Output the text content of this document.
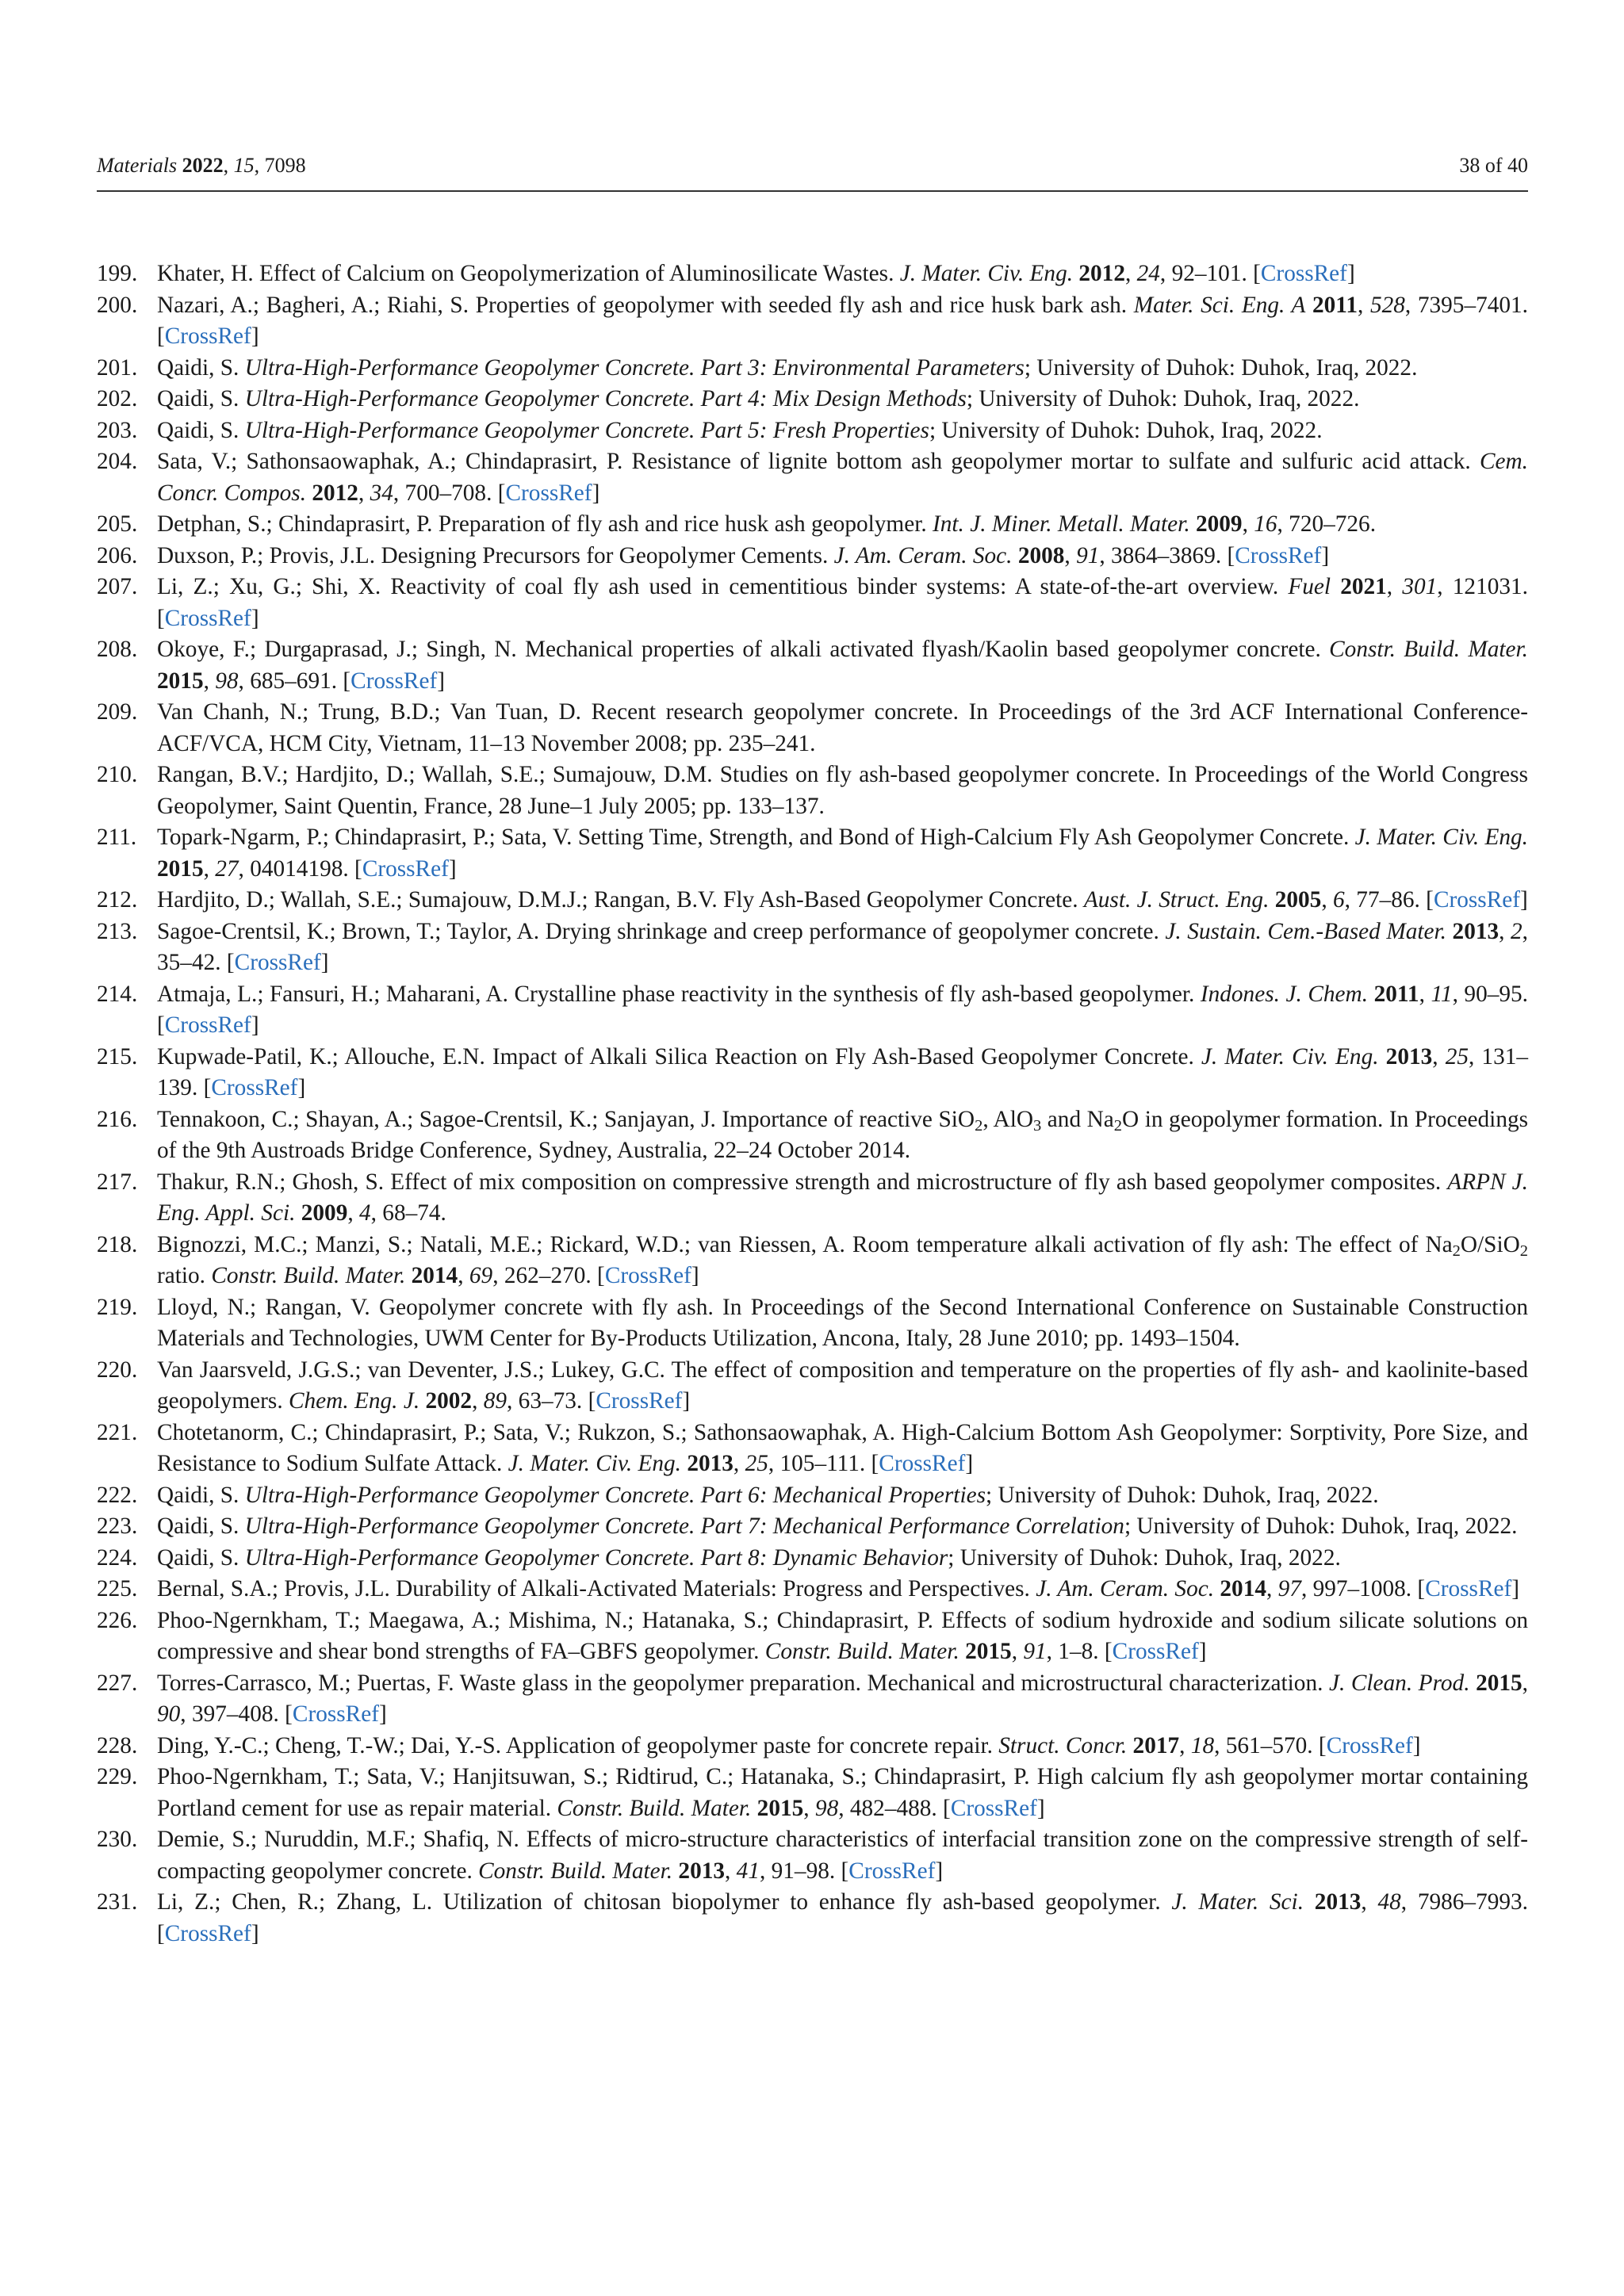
Materials 2022, 15, 7098	38 of 40
199. Khater, H. Effect of Calcium on Geopolymerization of Aluminosilicate Wastes. J. Mater. Civ. Eng. 2012, 24, 92–101. [CrossRef]
200. Nazari, A.; Bagheri, A.; Riahi, S. Properties of geopolymer with seeded fly ash and rice husk bark ash. Mater. Sci. Eng. A 2011, 528, 7395–7401. [CrossRef]
201. Qaidi, S. Ultra-High-Performance Geopolymer Concrete. Part 3: Environmental Parameters; University of Duhok: Duhok, Iraq, 2022.
202. Qaidi, S. Ultra-High-Performance Geopolymer Concrete. Part 4: Mix Design Methods; University of Duhok: Duhok, Iraq, 2022.
203. Qaidi, S. Ultra-High-Performance Geopolymer Concrete. Part 5: Fresh Properties; University of Duhok: Duhok, Iraq, 2022.
204. Sata, V.; Sathonsaowaphak, A.; Chindaprasirt, P. Resistance of lignite bottom ash geopolymer mortar to sulfate and sulfuric acid attack. Cem. Concr. Compos. 2012, 34, 700–708. [CrossRef]
205. Detphan, S.; Chindaprasirt, P. Preparation of fly ash and rice husk ash geopolymer. Int. J. Miner. Metall. Mater. 2009, 16, 720–726.
206. Duxson, P.; Provis, J.L. Designing Precursors for Geopolymer Cements. J. Am. Ceram. Soc. 2008, 91, 3864–3869. [CrossRef]
207. Li, Z.; Xu, G.; Shi, X. Reactivity of coal fly ash used in cementitious binder systems: A state-of-the-art overview. Fuel 2021, 301, 121031. [CrossRef]
208. Okoye, F.; Durgaprasad, J.; Singh, N. Mechanical properties of alkali activated flyash/Kaolin based geopolymer concrete. Constr. Build. Mater. 2015, 98, 685–691. [CrossRef]
209. Van Chanh, N.; Trung, B.D.; Van Tuan, D. Recent research geopolymer concrete. In Proceedings of the 3rd ACF International Conference-ACF/VCA, HCM City, Vietnam, 11–13 November 2008; pp. 235–241.
210. Rangan, B.V.; Hardjito, D.; Wallah, S.E.; Sumajouw, D.M. Studies on fly ash-based geopolymer concrete. In Proceedings of the World Congress Geopolymer, Saint Quentin, France, 28 June–1 July 2005; pp. 133–137.
211. Topark-Ngarm, P.; Chindaprasirt, P.; Sata, V. Setting Time, Strength, and Bond of High-Calcium Fly Ash Geopolymer Concrete. J. Mater. Civ. Eng. 2015, 27, 04014198. [CrossRef]
212. Hardjito, D.; Wallah, S.E.; Sumajouw, D.M.J.; Rangan, B.V. Fly Ash-Based Geopolymer Concrete. Aust. J. Struct. Eng. 2005, 6, 77–86. [CrossRef]
213. Sagoe-Crentsil, K.; Brown, T.; Taylor, A. Drying shrinkage and creep performance of geopolymer concrete. J. Sustain. Cem.-Based Mater. 2013, 2, 35–42. [CrossRef]
214. Atmaja, L.; Fansuri, H.; Maharani, A. Crystalline phase reactivity in the synthesis of fly ash-based geopolymer. Indones. J. Chem. 2011, 11, 90–95. [CrossRef]
215. Kupwade-Patil, K.; Allouche, E.N. Impact of Alkali Silica Reaction on Fly Ash-Based Geopolymer Concrete. J. Mater. Civ. Eng. 2013, 25, 131–139. [CrossRef]
216. Tennakoon, C.; Shayan, A.; Sagoe-Crentsil, K.; Sanjayan, J. Importance of reactive SiO$_2$, AlO$_3$ and $Na_2O$ in geopolymer formation. In Proceedings of the 9th Austroads Bridge Conference, Sydney, Australia, 22–24 October 2014.
217. Thakur, R.N.; Ghosh, S. Effect of mix composition on compressive strength and microstructure of fly ash based geopolymer composites. ARPN J. Eng. Appl. Sci. 2009, 4, 68–74.
218. Bignozzi, M.C.; Manzi, S.; Natali, M.E.; Rickard, W.D.; van Riessen, A. Room temperature alkali activation of fly ash: The effect of $Na_2O/SiO_2$ ratio. Constr. Build. Mater. 2014, 69, 262–270. [CrossRef]
219. Lloyd, N.; Rangan, V. Geopolymer concrete with fly ash. In Proceedings of the Second International Conference on Sustainable Construction Materials and Technologies, UWM Center for By-Products Utilization, Ancona, Italy, 28 June 2010; pp. 1493–1504.
220. Van Jaarsveld, J.G.S.; van Deventer, J.S.; Lukey, G.C. The effect of composition and temperature on the properties of fly ash- and kaolinite-based geopolymers. Chem. Eng. J. 2002, 89, 63–73. [CrossRef]
221. Chotetanorm, C.; Chindaprasirt, P.; Sata, V.; Rukzon, S.; Sathonsaowaphak, A. High-Calcium Bottom Ash Geopolymer: Sorptivity, Pore Size, and Resistance to Sodium Sulfate Attack. J. Mater. Civ. Eng. 2013, 25, 105–111. [CrossRef]
222. Qaidi, S. Ultra-High-Performance Geopolymer Concrete. Part 6: Mechanical Properties; University of Duhok: Duhok, Iraq, 2022.
223. Qaidi, S. Ultra-High-Performance Geopolymer Concrete. Part 7: Mechanical Performance Correlation; University of Duhok: Duhok, Iraq, 2022.
224. Qaidi, S. Ultra-High-Performance Geopolymer Concrete. Part 8: Dynamic Behavior; University of Duhok: Duhok, Iraq, 2022.
225. Bernal, S.A.; Provis, J.L. Durability of Alkali-Activated Materials: Progress and Perspectives. J. Am. Ceram. Soc. 2014, 97, 997–1008. [CrossRef]
226. Phoo-Ngernkham, T.; Maegawa, A.; Mishima, N.; Hatanaka, S.; Chindaprasirt, P. Effects of sodium hydroxide and sodium silicate solutions on compressive and shear bond strengths of FA–GBFS geopolymer. Constr. Build. Mater. 2015, 91, 1–8. [CrossRef]
227. Torres-Carrasco, M.; Puertas, F. Waste glass in the geopolymer preparation. Mechanical and microstructural characterization. J. Clean. Prod. 2015, 90, 397–408. [CrossRef]
228. Ding, Y.-C.; Cheng, T.-W.; Dai, Y.-S. Application of geopolymer paste for concrete repair. Struct. Concr. 2017, 18, 561–570. [CrossRef]
229. Phoo-Ngernkham, T.; Sata, V.; Hanjitsuwan, S.; Ridtirud, C.; Hatanaka, S.; Chindaprasirt, P. High calcium fly ash geopolymer mortar containing Portland cement for use as repair material. Constr. Build. Mater. 2015, 98, 482–488. [CrossRef]
230. Demie, S.; Nuruddin, M.F.; Shafiq, N. Effects of micro-structure characteristics of interfacial transition zone on the compressive strength of self-compacting geopolymer concrete. Constr. Build. Mater. 2013, 41, 91–98. [CrossRef]
231. Li, Z.; Chen, R.; Zhang, L. Utilization of chitosan biopolymer to enhance fly ash-based geopolymer. J. Mater. Sci. 2013, 48, 7986–7993. [CrossRef]
